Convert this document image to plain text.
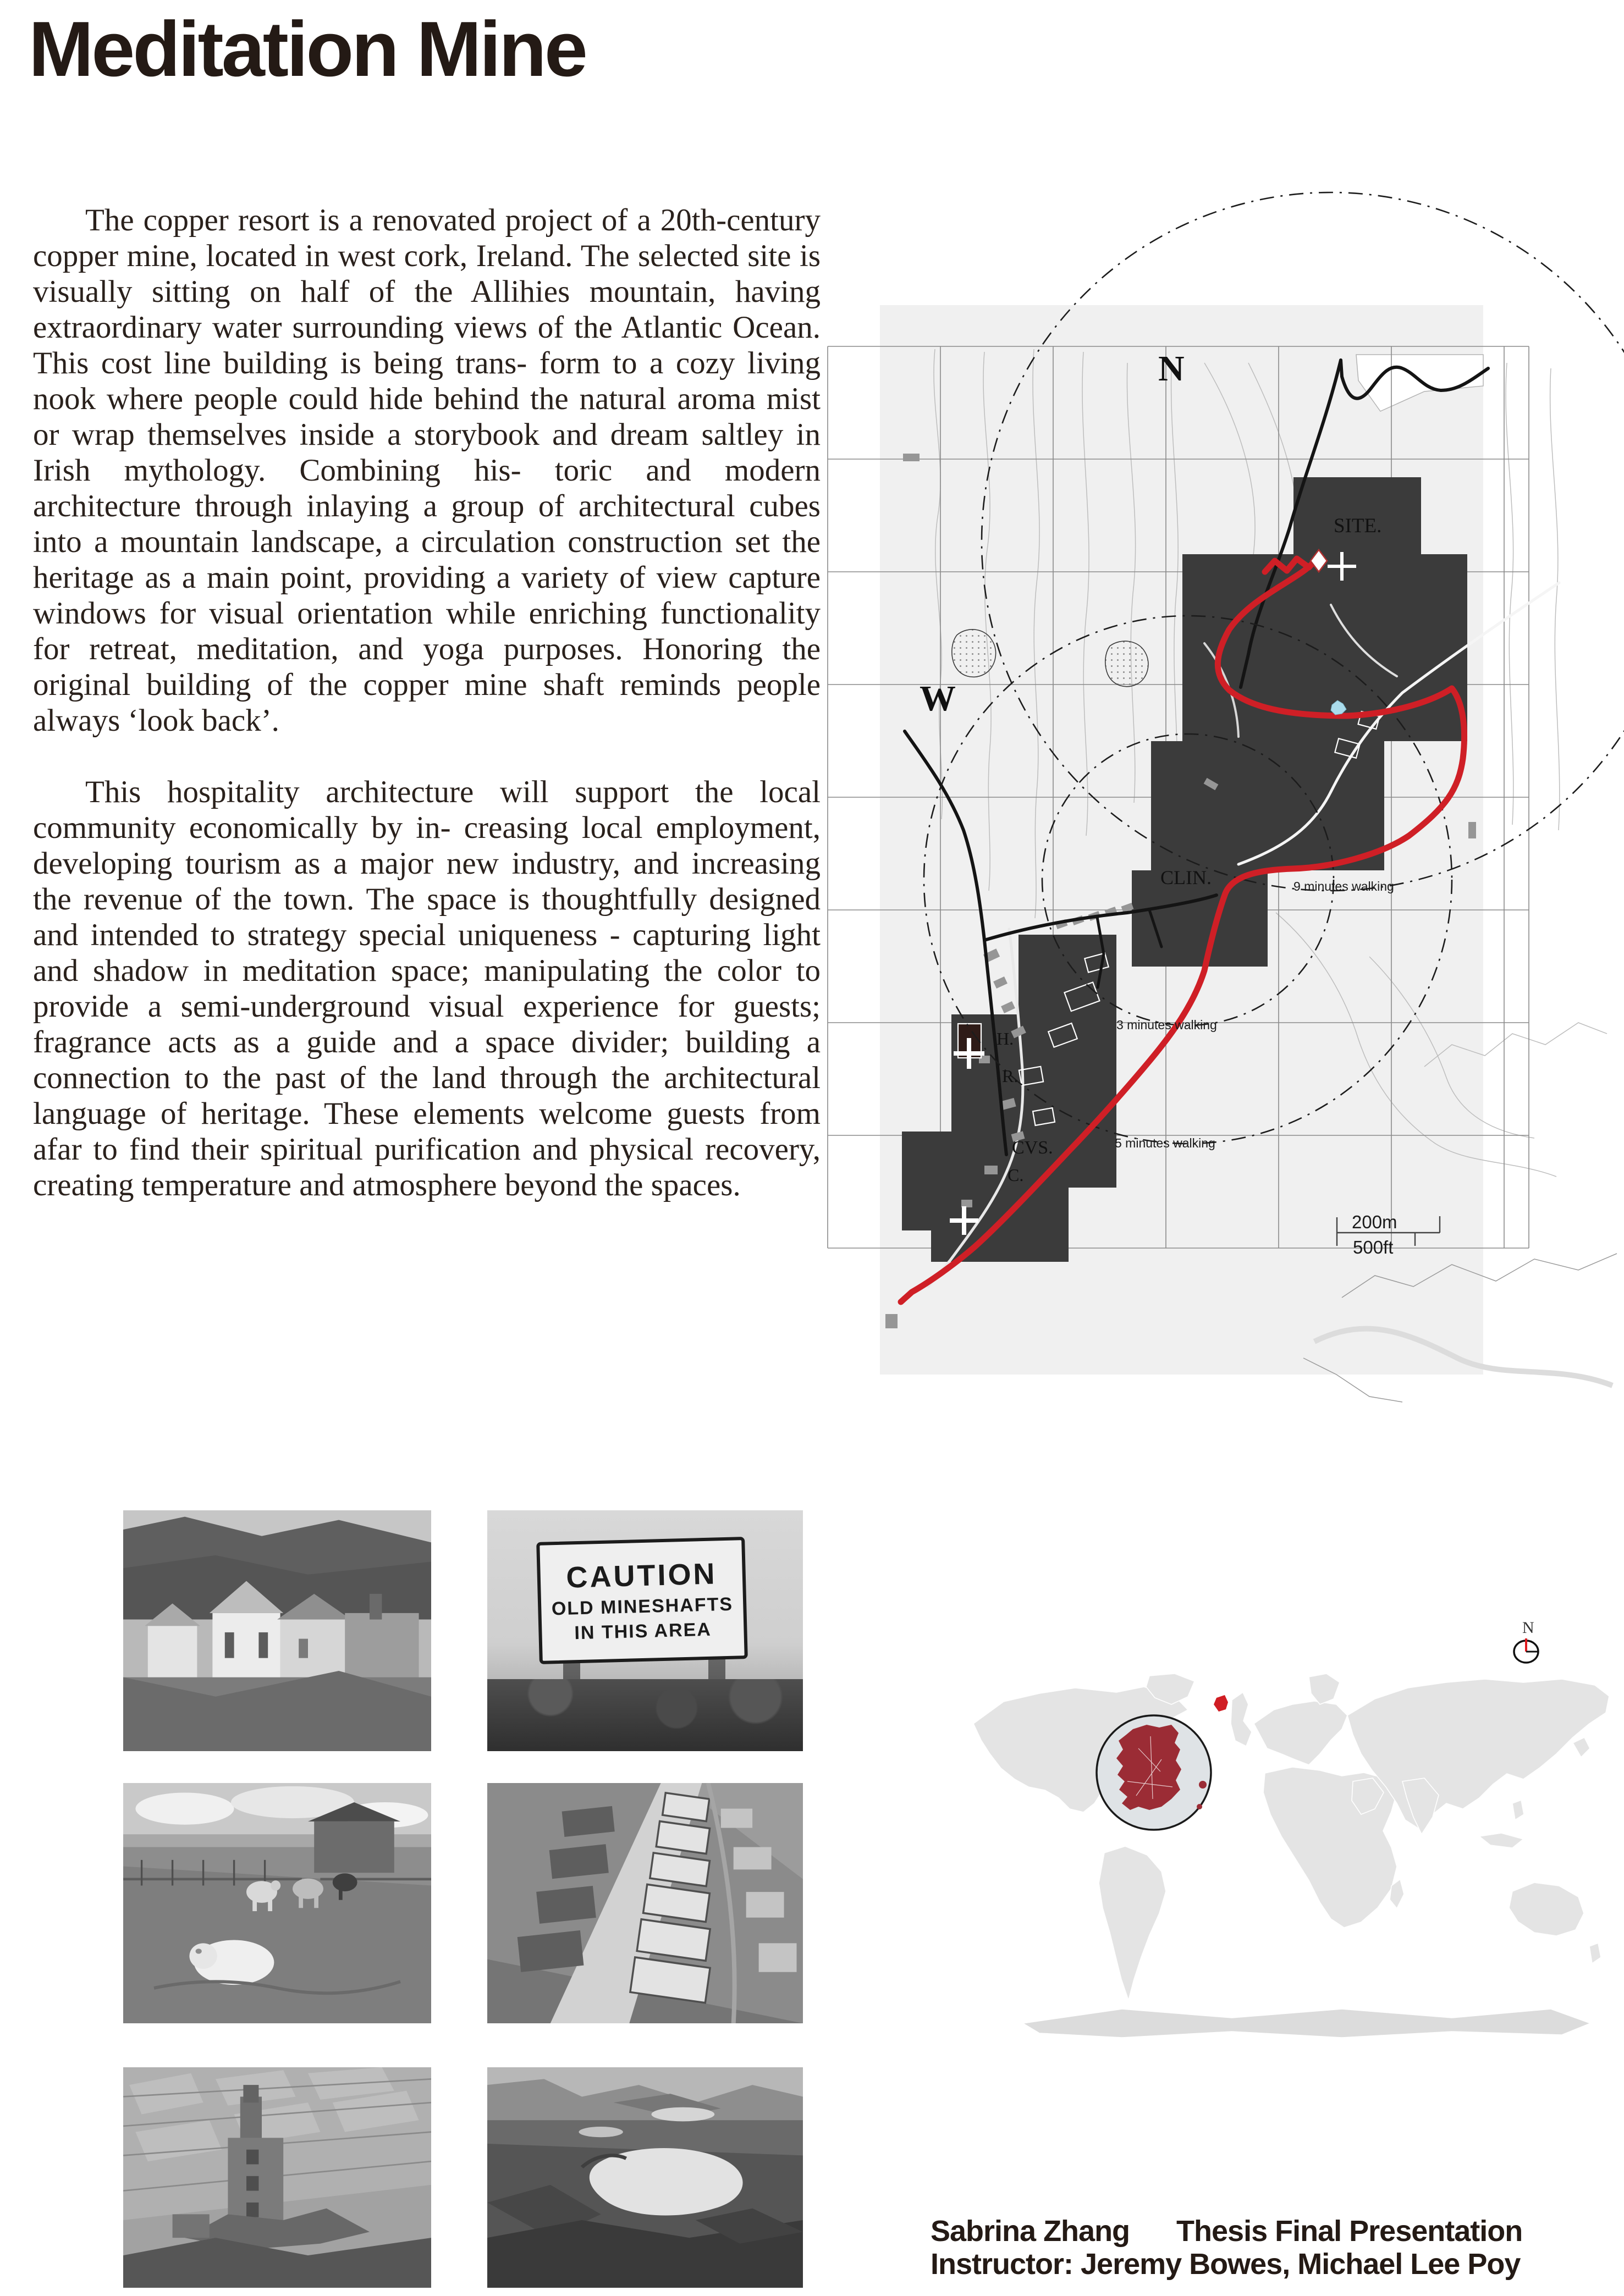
Meditation Mine

The copper resort is a renovated project of a 20th-century copper mine, located in west cork, Ireland. The selected site is visually sitting on half of the Allihies mountain, having extraordinary water surrounding views of the Atlantic Ocean. This cost line building is being trans- form to a cozy living nook where people could hide behind the natural aroma mist or wrap themselves inside a storybook and dream saltley in Irish mythology. Combining his- toric and modern architecture through inlaying a group of architectural cubes into a mountain landscape, a circulation construction set the heritage as a main point, providing a variety of view capture windows for visual orientation while enriching functionality for retreat, meditation, and yoga purposes. Honoring the original building of the copper mine shaft reminds people always ‘look back’.

This hospitality architecture will support the local community economically by in- creasing local employment, developing tourism as a major new industry, and increasing the revenue of the town. The space is thoughtfully designed and intended to strategy special uniqueness - capturing light and shadow in meditation space; manipulating the color to provide a semi-underground visual experience for guests; fragrance acts as a guide and a space divider; building a connection to the past of the land through the architectural language of heritage. These elements welcome guests from afar to find their spiritual purification and physical recovery, creating temperature and atmosphere beyond the spaces.

N
W
SITE.
CLIN.
H.
R.
CVS.
C.
9 minutes walking
3 minutes walking
5 minutes walking
200m
500ft
CAUTION
OLD MINESHAFTS
IN THIS AREA	N
Sabrina Zhang Thesis Final Presentation
Instructor: Jeremy Bowes, Michael Lee Poy
